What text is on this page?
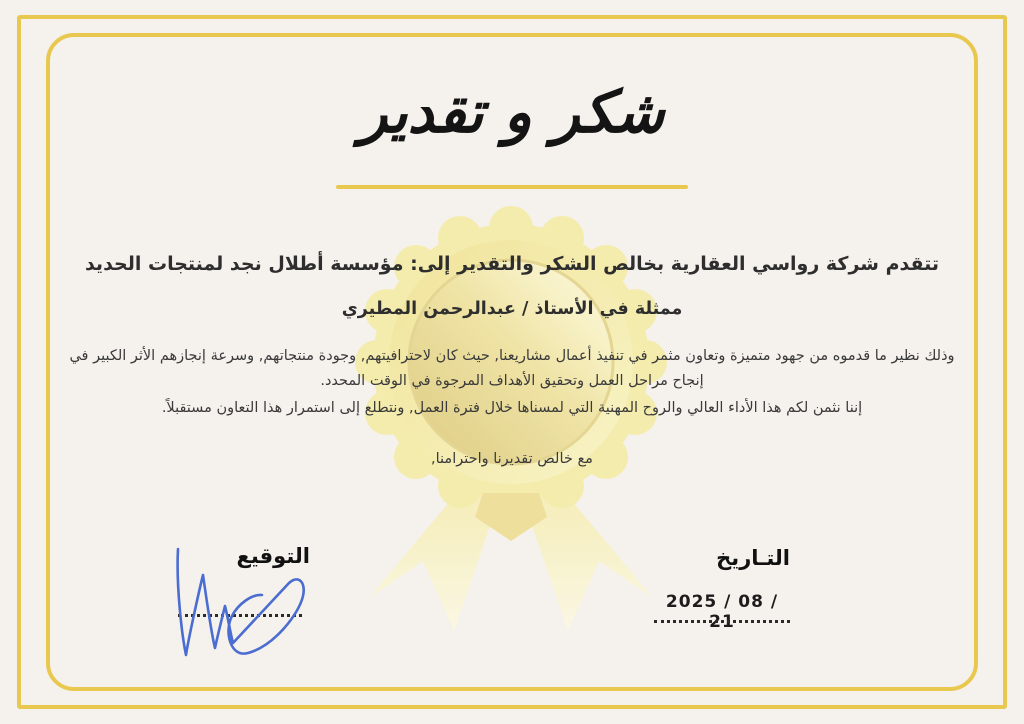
شكر و تقدير
تتقدم شركة رواسي العقارية بخالص الشكر والتقدير إلى: مؤسسة أطلال نجد لمنتجات الحديد
ممثلة في الأستاذ / عبدالرحمن المطيري
وذلك نظير ما قدموه من جهود متميزة وتعاون مثمر في تنفيذ أعمال مشاريعنا, حيث كان لاحترافيتهم, وجودة منتجاتهم, وسرعة إنجازهم الأثر الكبير في إنجاح مراحل العمل وتحقيق الأهداف المرجوة في الوقت المحدد.
إننا نثمن لكم هذا الأداء العالي والروح المهنية التي لمسناها خلال فترة العمل, ونتطلع إلى استمرار هذا التعاون مستقبلاً.
مع خالص تقديرنا واحترامنا,
التوقيع	التـاريخ
2025 / 08 / 21
